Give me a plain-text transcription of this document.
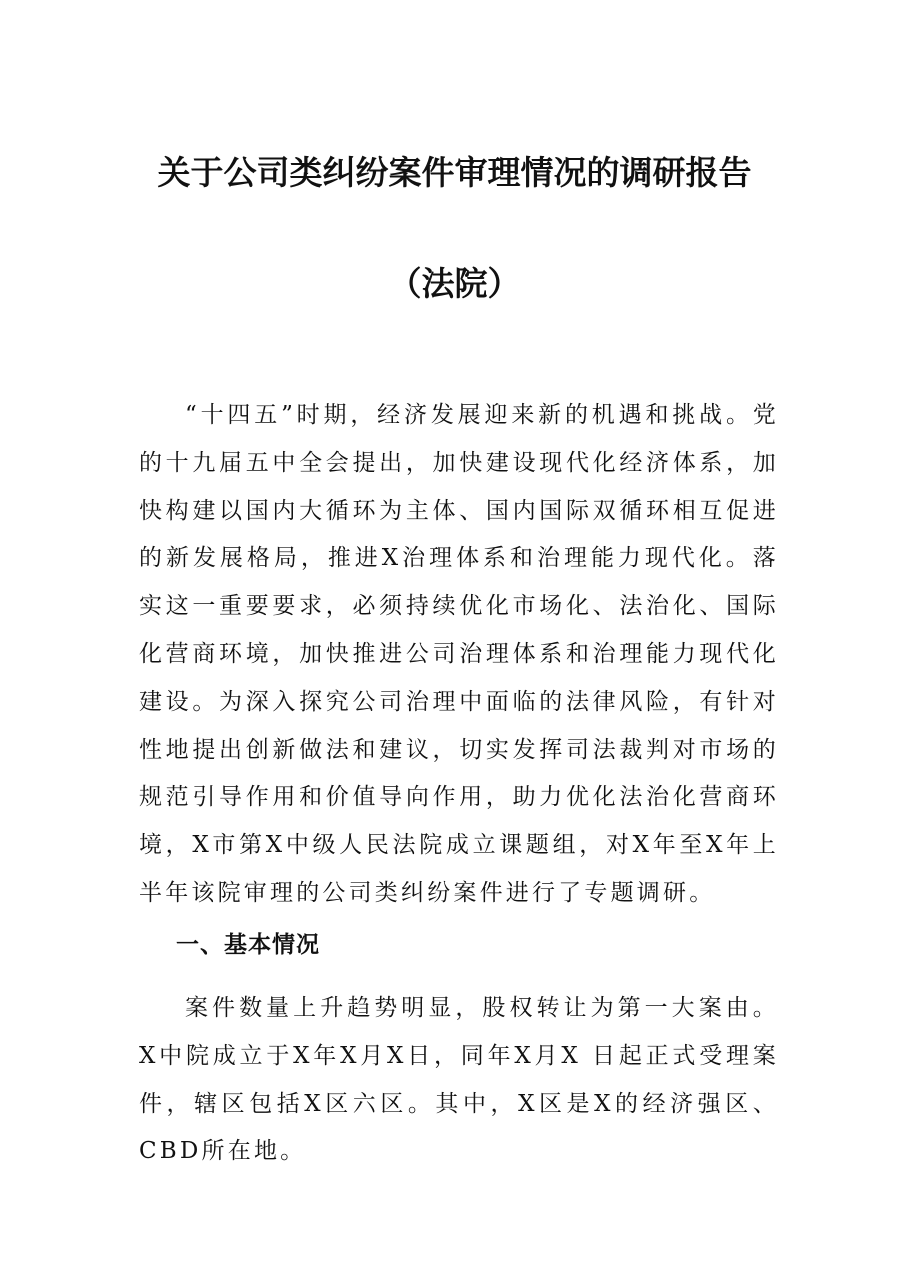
关于公司类纠纷案件审理情况的调研报告
（法院）

“十四五”时期，经济发展迎来新的机遇和挑战。党的十九届五中全会提出，加快建设现代化经济体系，加快构建以国内大循环为主体、国内国际双循环相互促进的新发展格局，推进X治理体系和治理能力现代化。落实这一重要要求，必须持续优化市场化、法治化、国际化营商环境，加快推进公司治理体系和治理能力现代化建设。为深入探究公司治理中面临的法律风险，有针对性地提出创新做法和建议，切实发挥司法裁判对市场的规范引导作用和价值导向作用，助力优化法治化营商环境，X市第X中级人民法院成立课题组，对X年至X年上半年该院审理的公司类纠纷案件进行了专题调研。

一、基本情况

案件数量上升趋势明显，股权转让为第一大案由。X中院成立于X年X月X日，同年X月X 日起正式受理案件，辖区包括X区六区。其中，X区是X的经济强区、CBD所在地。
